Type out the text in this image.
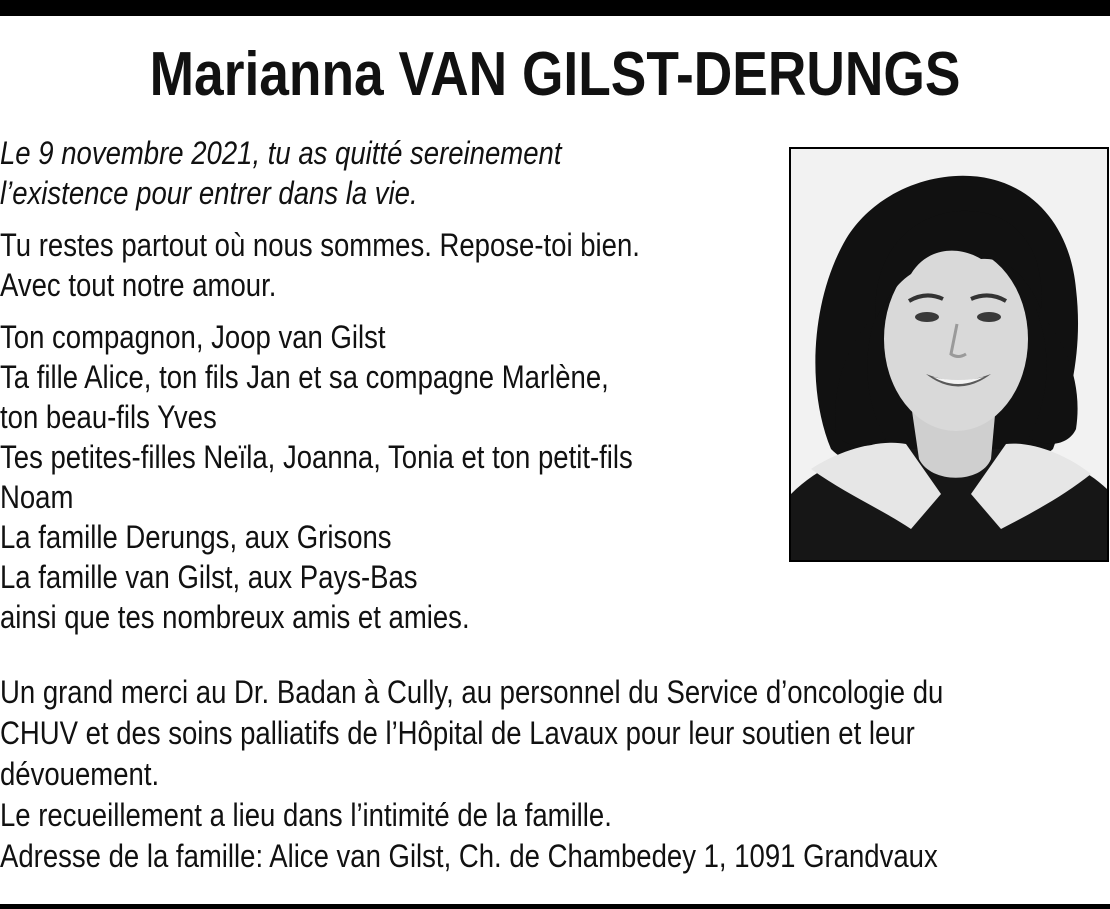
Marianna VAN GILST-DERUNGS
Le 9 novembre 2021, tu as quitté sereinement
l’existence pour entrer dans la vie.
Tu restes partout où nous sommes. Repose-toi bien.
Avec tout notre amour.
Ton compagnon, Joop van Gilst
Ta fille Alice, ton fils Jan et sa compagne Marlène,
ton beau-fils Yves
Tes petites-filles Neïla, Joanna, Tonia et ton petit-fils
Noam
La famille Derungs, aux Grisons
La famille van Gilst, aux Pays-Bas
ainsi que tes nombreux amis et amies.
Un grand merci au Dr. Badan à Cully, au personnel du Service d’oncologie du
CHUV et des soins palliatifs de l’Hôpital de Lavaux pour leur soutien et leur
dévouement.
Le recueillement a lieu dans l’intimité de la famille.
Adresse de la famille: Alice van Gilst, Ch. de Chambedey 1, 1091 Grandvaux
